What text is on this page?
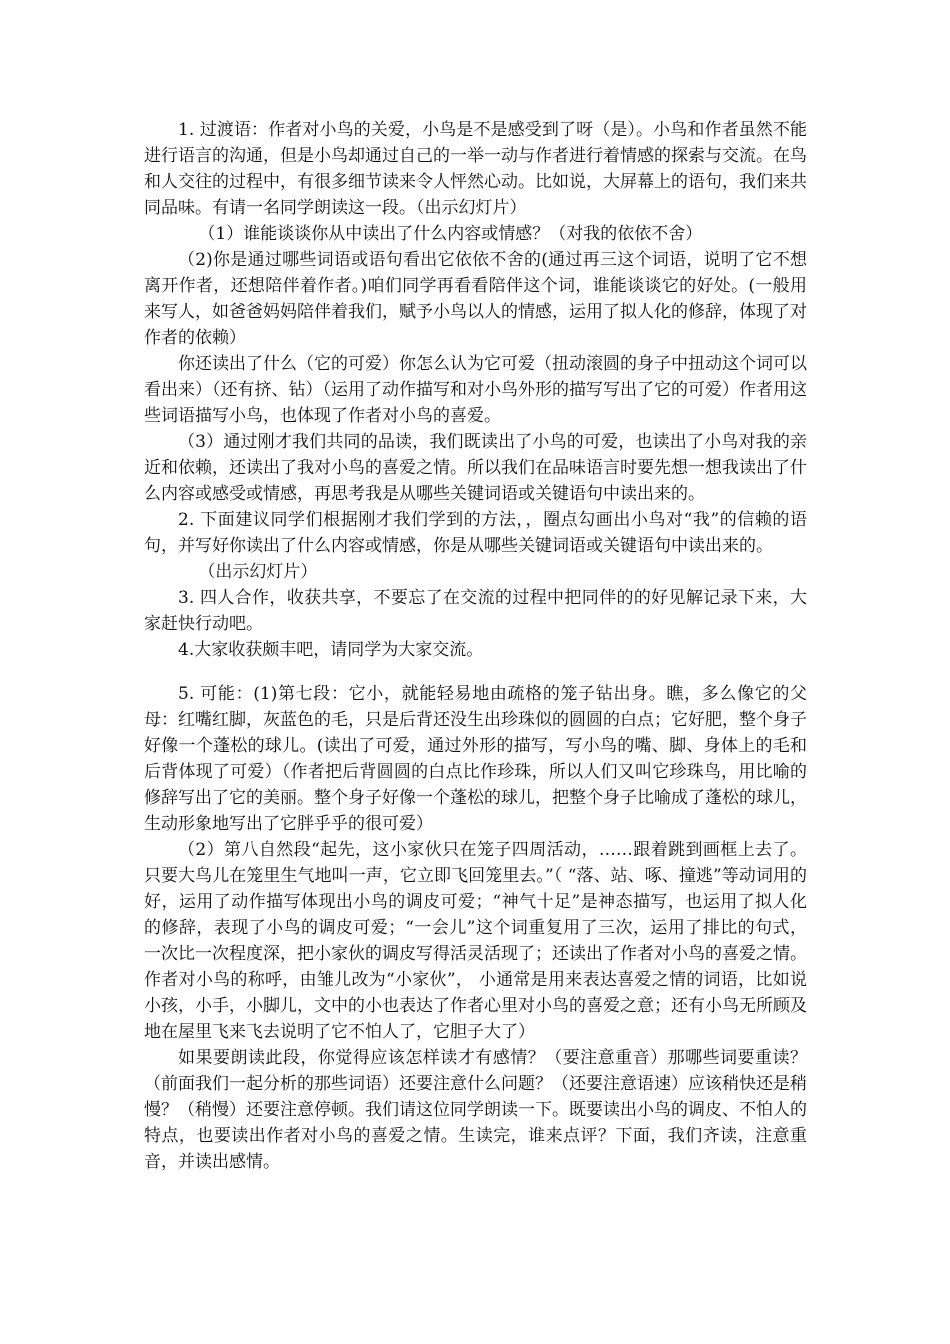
1. 过渡语：作者对小鸟的关爱，小鸟是不是感受到了呀（是）。小鸟和作者虽然不能进行语言的沟通，但是小鸟却通过自己的一举一动与作者进行着情感的探索与交流。在鸟和人交往的过程中，有很多细节读来令人怦然心动。比如说，大屏幕上的语句，我们来共同品味。有请一名同学朗读这一段。（出示幻灯片）

（1）谁能谈谈你从中读出了什么内容或情感？（对我的依依不舍）

（2)你是通过哪些词语或语句看出它依依不舍的(通过再三这个词语，说明了它不想离开作者，还想陪伴着作者。)咱们同学再看看陪伴这个词，谁能谈谈它的好处。(一般用来写人，如爸爸妈妈陪伴着我们，赋予小鸟以人的情感，运用了拟人化的修辞，体现了对作者的依赖）

你还读出了什么（它的可爱）你怎么认为它可爱（扭动滚圆的身子中扭动这个词可以看出来）（还有挤、钻）（运用了动作描写和对小鸟外形的描写写出了它的可爱）作者用这些词语描写小鸟，也体现了作者对小鸟的喜爱。

（3）通过刚才我们共同的品读，我们既读出了小鸟的可爱，也读出了小鸟对我的亲近和依赖，还读出了我对小鸟的喜爱之情。所以我们在品味语言时要先想一想我读出了什么内容或感受或情感，再思考我是从哪些关键词语或关键语句中读出来的。

2. 下面建议同学们根据刚才我们学到的方法，，圈点勾画出小鸟对“我”的信赖的语句，并写好你读出了什么内容或情感，你是从哪些关键词语或关键语句中读出来的。

（出示幻灯片）

3. 四人合作，收获共享，不要忘了在交流的过程中把同伴的的好见解记录下来，大家赶快行动吧。

4.大家收获颇丰吧，请同学为大家交流。

5. 可能：(1)第七段：它小，就能轻易地由疏格的笼子钻出身。瞧，多么像它的父母：红嘴红脚，灰蓝色的毛，只是后背还没生出珍珠似的圆圆的白点；它好肥，整个身子好像一个蓬松的球儿。(读出了可爱，通过外形的描写，写小鸟的嘴、脚、身体上的毛和后背体现了可爱）（作者把后背圆圆的白点比作珍珠，所以人们又叫它珍珠鸟，用比喻的修辞写出了它的美丽。整个身子好像一个蓬松的球儿，把整个身子比喻成了蓬松的球儿，生动形象地写出了它胖乎乎的很可爱）

（2）第八自然段“起先，这小家伙只在笼子四周活动，……跟着跳到画框上去了。只要大鸟儿在笼里生气地叫一声，它立即飞回笼里去。”（ “落、站、啄、撞逃”等动词用的好，运用了动作描写体现出小鸟的调皮可爱；“神气十足”是神态描写，也运用了拟人化的修辞，表现了小鸟的调皮可爱；“一会儿”这个词重复用了三次，运用了排比的句式，一次比一次程度深，把小家伙的调皮写得活灵活现了；还读出了作者对小鸟的喜爱之情。作者对小鸟的称呼，由雏儿改为“小家伙”， 小通常是用来表达喜爱之情的词语，比如说小孩，小手，小脚儿，文中的小也表达了作者心里对小鸟的喜爱之意；还有小鸟无所顾及地在屋里飞来飞去说明了它不怕人了，它胆子大了）

如果要朗读此段，你觉得应该怎样读才有感情？（要注意重音）那哪些词要重读？（前面我们一起分析的那些词语）还要注意什么问题？（还要注意语速）应该稍快还是稍慢？（稍慢）还要注意停顿。我们请这位同学朗读一下。既要读出小鸟的调皮、不怕人的特点，也要读出作者对小鸟的喜爱之情。生读完，谁来点评？下面，我们齐读，注意重音，并读出感情。
